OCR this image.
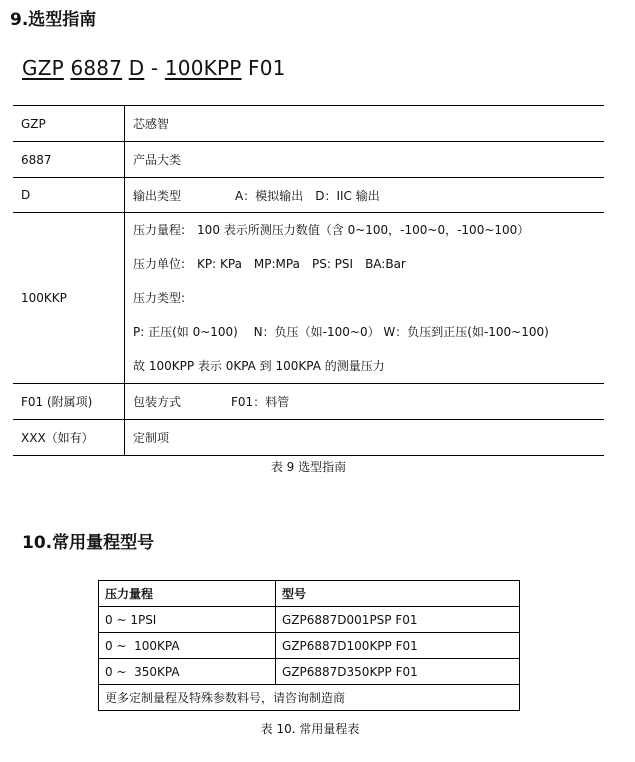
9.选型指南
GZP 6887 D - 100KPP F01
GZP	芯感智
6887	产品大类
D	输出类型 A：模拟输出　D：IIC 输出
100KKP	压力量程:　100 表示所测压力数值（含 0~100，-100~0，-100~100）
压力单位:　KP: KPa　MP:MPa　PS: PSI　BA:Bar
压力类型:
P: 正压(如 0~100)　 N：负压（如-100~0） W：负压到正压(如-100~100)
故 100KPP 表示 0KPA 到 100KPA 的测量压力

F01 (附属项)	包装方式 F01：料管
XXX（如有）	定制项
表 9 选型指南
10.常用量程型号
压力量程	型号
0 ~ 1PSI	GZP6887D001PSP F01
0 ~  100KPA	GZP6887D100KPP F01
0 ~  350KPA	GZP6887D350KPP F01
更多定制量程及特殊参数料号，请咨询制造商	
表 10. 常用量程表
